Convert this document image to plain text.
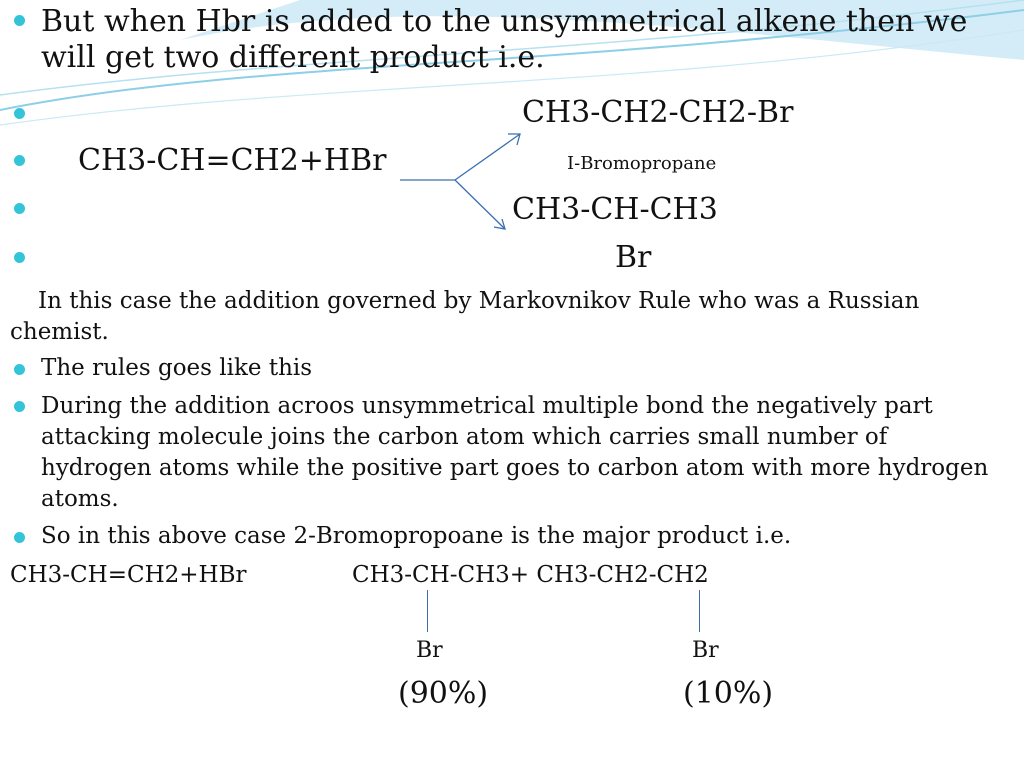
But when Hbr is added to the unsymmetrical alkene then we will get two different product i.e.
CH3-CH2-CH2-Br
CH3-CH=CH2+HBr	I-Bromopropane
CH3-CH-CH3
Br
In this case the addition governed by Markovnikov Rule who was a Russian chemist.
The rules goes like this
During the addition acroos unsymmetrical multiple bond the negatively part attacking molecule joins the carbon atom which carries small number of hydrogen atoms while the positive part goes to carbon atom with more hydrogen atoms.
So in this above case 2-Bromopropoane is the major product i.e.
CH3-CH=CH2+HBr	CH3-CH-CH3+ CH3-CH2-CH2
Br	Br
(90%)	(10%)
